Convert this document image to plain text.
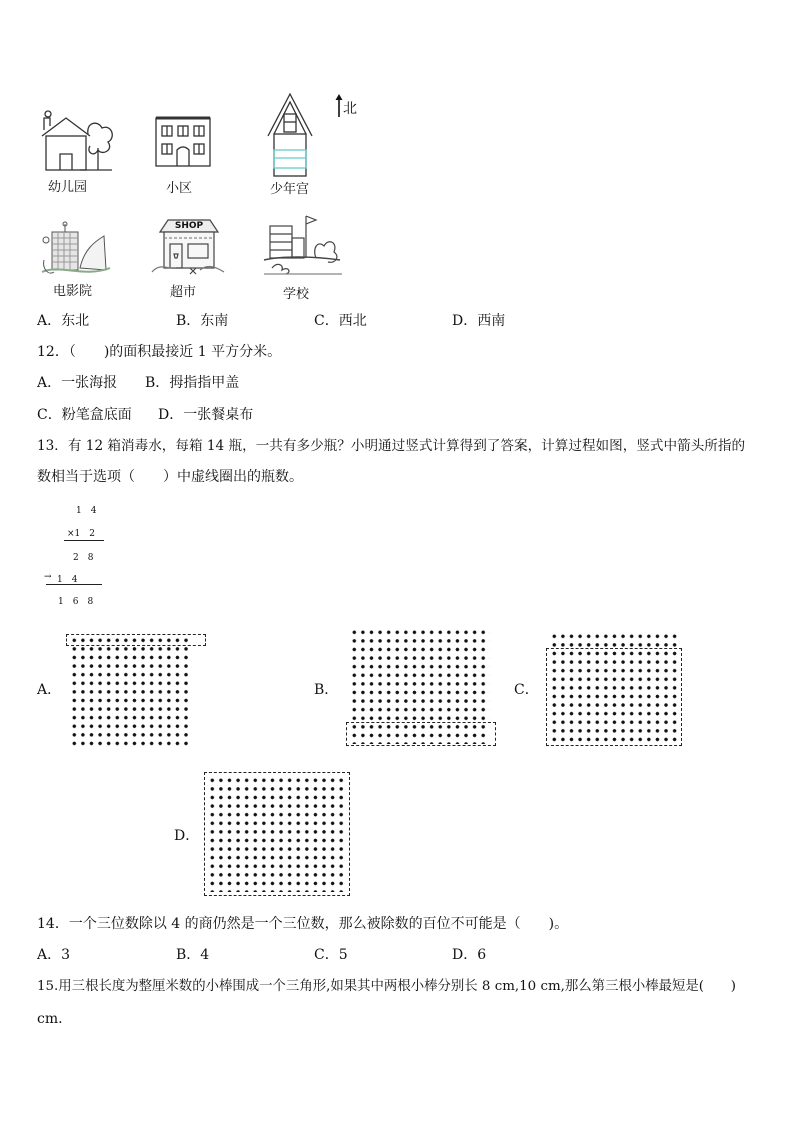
北
幼儿园	小区	少年宫
电影院
SHOP
超市	学校
A．东北	B．东南	C．西北	D．西南
12．（　　)的面积最接近 1 平方分米。
A．一张海报 B．拇指指甲盖
C．粉笔盒底面 D．一张餐桌布
13．有 12 箱消毒水，每箱 14 瓶，一共有多少瓶？小明通过竖式计算得到了答案，计算过程如图，竖式中箭头所指的
数相当于选项（　　）中虚线圈出的瓶数。
1　4
×1　2
2　8
→ 1　4
1　6　8
A．	B．	C．
D．
14．一个三位数除以 4 的商仍然是一个三位数，那么被除数的百位不可能是（　　)。
A．3	B．4	C．5	D．6
15.用三根长度为整厘米数的小棒围成一个三角形,如果其中两根小棒分别长 8 cm,10 cm,那么第三根小棒最短是(　　)
cm.
